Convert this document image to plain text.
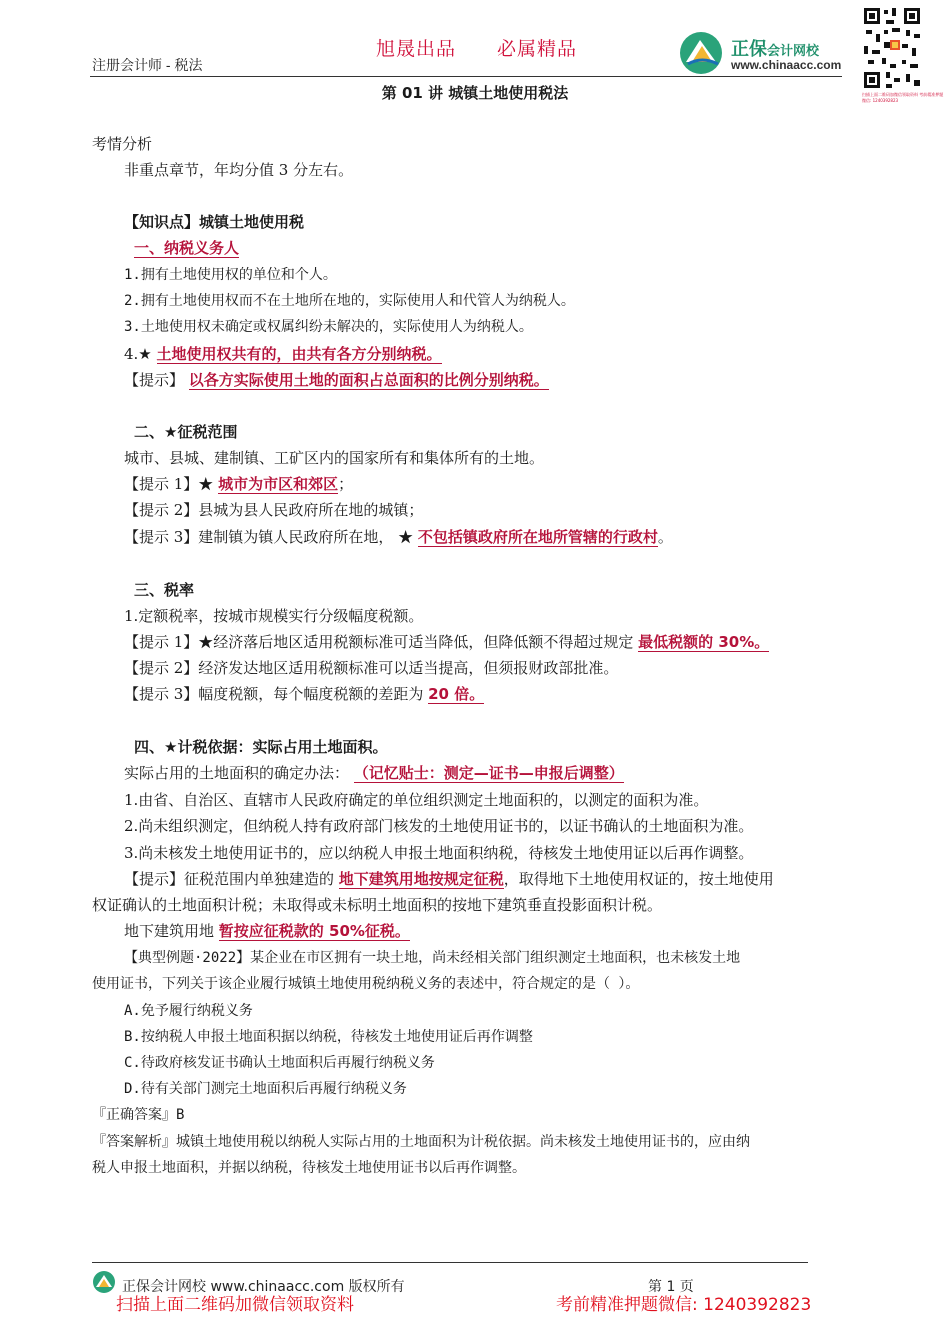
注册会计师 - 税法
旭晟出品 必属精品	正保会计网校
www.chinaacc.com
扫描上面二维码加微信领取资料 考前精准押题微信: 1240392823
第 01 讲 城镇土地使用税法
考情分析
非重点章节，年均分值 3 分左右。
【知识点】城镇土地使用税
一、纳税义务人
1.拥有土地使用权的单位和个人。
2.拥有土地使用权而不在土地所在地的，实际使用人和代管人为纳税人。
3.土地使用权未确定或权属纠纷未解决的，实际使用人为纳税人。
4.★ 土地使用权共有的，由共有各方分别纳税。
【提示】 以各方实际使用土地的面积占总面积的比例分别纳税。
二、★征税范围
城市、县城、建制镇、工矿区内的国家所有和集体所有的土地。
【提示 1】★ 城市为市区和郊区；
【提示 2】县城为县人民政府所在地的城镇；
【提示 3】建制镇为镇人民政府所在地， ★ 不包括镇政府所在地所管辖的行政村。
三、税率
1.定额税率，按城市规模实行分级幅度税额。
【提示 1】★经济落后地区适用税额标准可适当降低，但降低额不得超过规定 最低税额的 30%。
【提示 2】经济发达地区适用税额标准可以适当提高，但须报财政部批准。
【提示 3】幅度税额，每个幅度税额的差距为 20 倍。
四、★计税依据：实际占用土地面积。
实际占用的土地面积的确定办法： （记忆贴士：测定—证书—申报后调整）
1.由省、自治区、直辖市人民政府确定的单位组织测定土地面积的，以测定的面积为准。
2.尚未组织测定，但纳税人持有政府部门核发的土地使用证书的，以证书确认的土地面积为准。
3.尚未核发土地使用证书的，应以纳税人申报土地面积纳税，待核发土地使用证以后再作调整。
【提示】征税范围内单独建造的 地下建筑用地按规定征税，取得地下土地使用权证的，按土地使用
权证确认的土地面积计税；未取得或未标明土地面积的按地下建筑垂直投影面积计税。
地下建筑用地 暂按应征税款的 50%征税。
【典型例题·2022】某企业在市区拥有一块土地，尚未经相关部门组织测定土地面积，也未核发土地
使用证书，下列关于该企业履行城镇土地使用税纳税义务的表述中，符合规定的是（ ）。
A.免予履行纳税义务
B.按纳税人申报土地面积据以纳税，待核发土地使用证后再作调整
C.待政府核发证书确认土地面积后再履行纳税义务
D.待有关部门测完土地面积后再履行纳税义务
『正确答案』B
『答案解析』城镇土地使用税以纳税人实际占用的土地面积为计税依据。尚未核发土地使用证书的，应由纳
税人申报土地面积，并据以纳税，待核发土地使用证书以后再作调整。
正保会计网校 www.chinaacc.com 版权所有	第 1 页
扫描上面二维码加微信领取资料	考前精准押题微信: 1240392823
